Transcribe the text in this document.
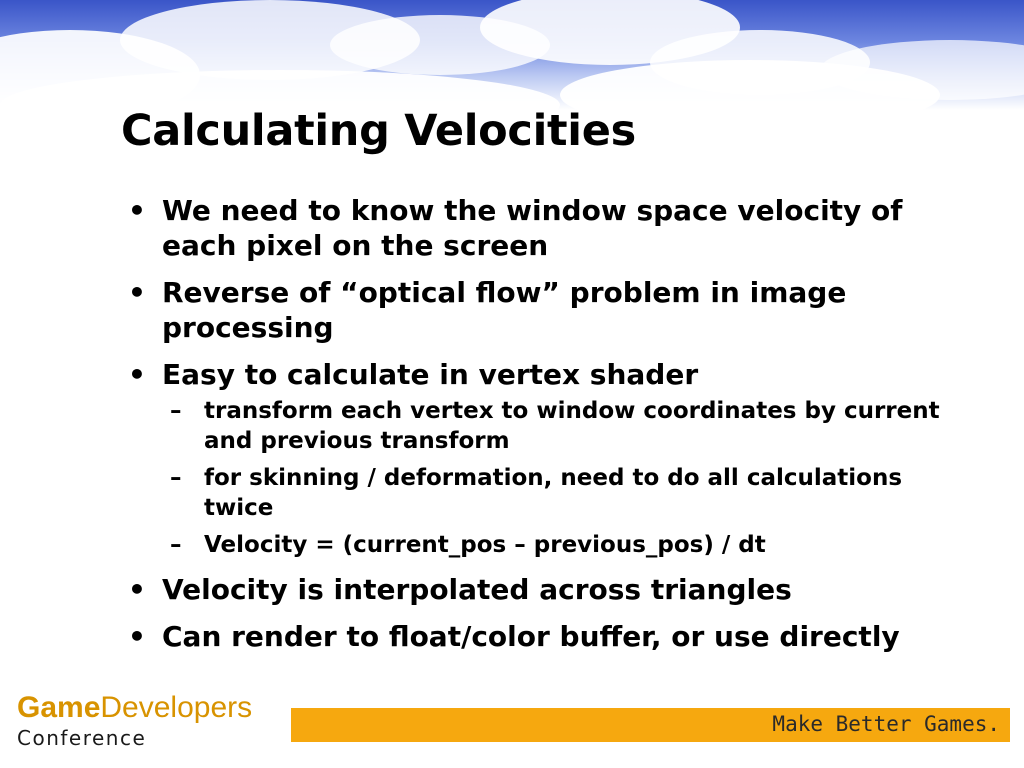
Calculating Velocities
• We need to know the window space velocity of each pixel on the screen
• Reverse of “optical flow” problem in image processing
• Easy to calculate in vertex shader
– transform each vertex to window coordinates by current and previous transform
– for skinning / deformation, need to do all calculations twice
– Velocity = (current_pos – previous_pos) / dt
• Velocity is interpolated across triangles
• Can render to float/color buffer, or use directly
GameDevelopers
Conference
Make Better Games.
